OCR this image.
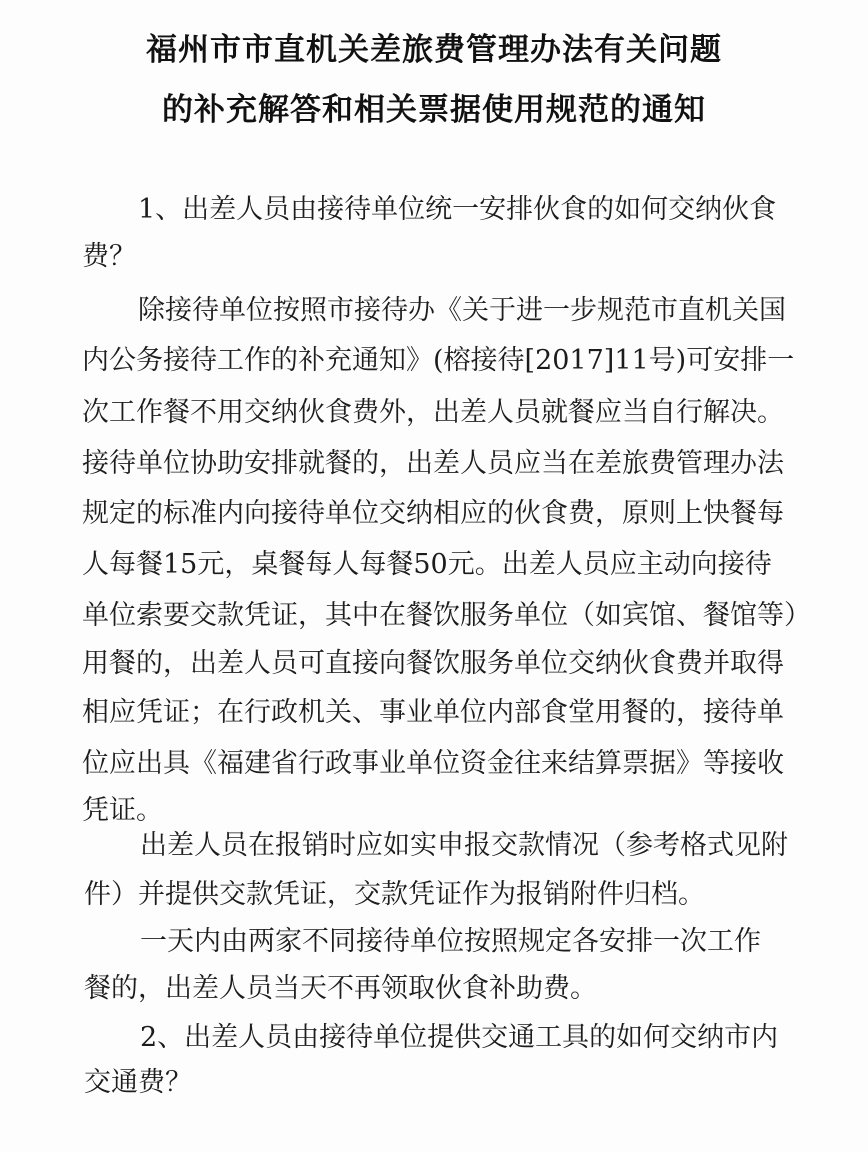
福州市市直机关差旅费管理办法有关问题
的补充解答和相关票据使用规范的通知
1、出差人员由接待单位统一安排伙食的如何交纳伙食
费？
除接待单位按照市接待办《关于进一步规范市直机关国
内公务接待工作的补充通知》(榕接待[2017]11号)可安排一
次工作餐不用交纳伙食费外，出差人员就餐应当自行解决。
接待单位协助安排就餐的，出差人员应当在差旅费管理办法
规定的标准内向接待单位交纳相应的伙食费，原则上快餐每
人每餐15元，桌餐每人每餐50元。出差人员应主动向接待
单位索要交款凭证，其中在餐饮服务单位（如宾馆、餐馆等）
用餐的，出差人员可直接向餐饮服务单位交纳伙食费并取得
相应凭证；在行政机关、事业单位内部食堂用餐的，接待单
位应出具《福建省行政事业单位资金往来结算票据》等接收
凭证。
出差人员在报销时应如实申报交款情况（参考格式见附
件）并提供交款凭证，交款凭证作为报销附件归档。
一天内由两家不同接待单位按照规定各安排一次工作
餐的，出差人员当天不再领取伙食补助费。
2、出差人员由接待单位提供交通工具的如何交纳市内
交通费？
